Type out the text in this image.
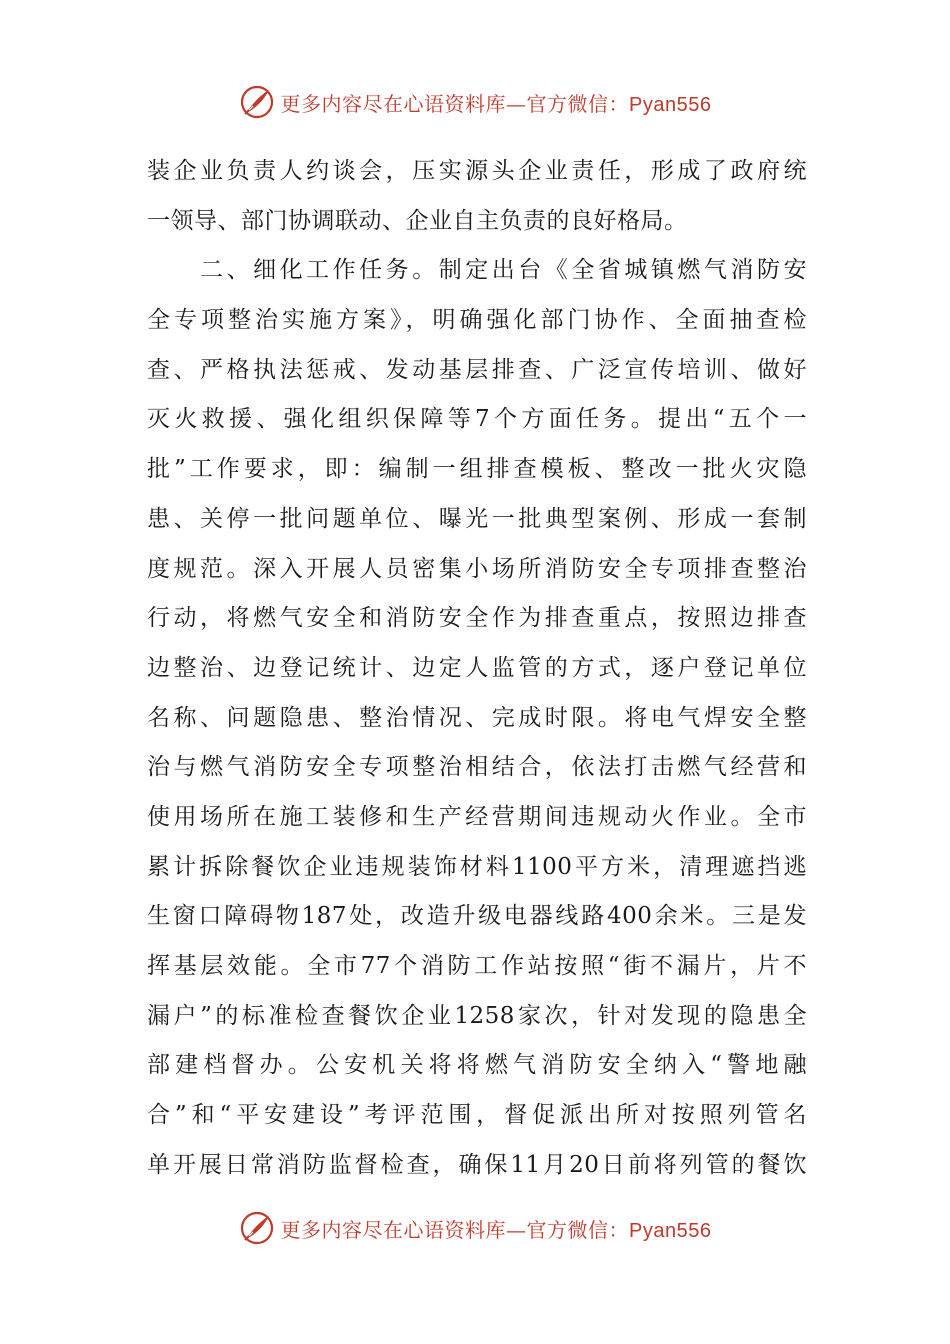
更多内容尽在心语资料库—官方微信：Pyan556
装企业负责人约谈会，压实源头企业责任，形成了政府统
一领导、部门协调联动、企业自主负责的良好格局。
　　二、细化工作任务。制定出台《全省城镇燃气消防安
全专项整治实施方案》，明确强化部门协作、全面抽查检
查、严格执法惩戒、发动基层排查、广泛宣传培训、做好
灭火救援、强化组织保障等7个方面任务。提出“五个一
批”工作要求，即：编制一组排查模板、整改一批火灾隐
患、关停一批问题单位、曝光一批典型案例、形成一套制
度规范。深入开展人员密集小场所消防安全专项排查整治
行动，将燃气安全和消防安全作为排查重点，按照边排查
边整治、边登记统计、边定人监管的方式，逐户登记单位
名称、问题隐患、整治情况、完成时限。将电气焊安全整
治与燃气消防安全专项整治相结合，依法打击燃气经营和
使用场所在施工装修和生产经营期间违规动火作业。全市
累计拆除餐饮企业违规装饰材料1100平方米，清理遮挡逃
生窗口障碍物187处，改造升级电器线路400余米。三是发
挥基层效能。全市77个消防工作站按照“街不漏片，片不
漏户”的标准检查餐饮企业1258家次，针对发现的隐患全
部建档督办。公安机关将将燃气消防安全纳入“警地融
合”和“平安建设”考评范围，督促派出所对按照列管名
单开展日常消防监督检查，确保11月20日前将列管的餐饮
更多内容尽在心语资料库—官方微信：Pyan556
